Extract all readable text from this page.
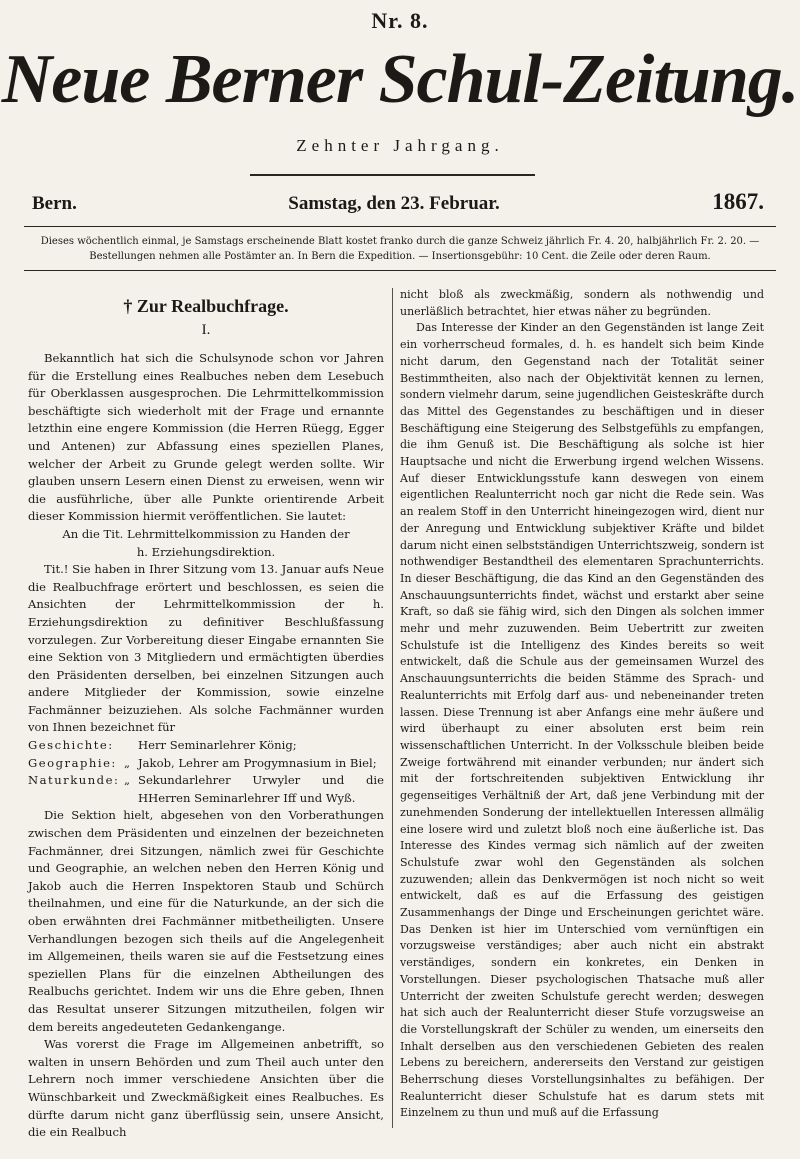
Nr. 8.
Neue Berner Schul-Zeitung.
Zehnter Jahrgang.
Bern.	Samstag, den 23. Februar.	1867.
Dieses wöchentlich einmal, je Samstags erscheinende Blatt kostet franko durch die ganze Schweiz jährlich Fr. 4. 20, halbjährlich Fr. 2. 20. —
Bestellungen nehmen alle Postämter an. In Bern die Expedition. — Insertionsgebühr: 10 Cent. die Zeile oder deren Raum.
† Zur Realbuchfrage.
I.

Bekanntlich hat sich die Schulsynode schon vor Jahren für die Erstellung eines Realbuches neben dem Lesebuch für Oberklassen ausgesprochen. Die Lehrmittelkommission beschäftigte sich wiederholt mit der Frage und ernannte letzthin eine engere Kommission (die Herren Rüegg, Egger und Antenen) zur Abfassung eines speziellen Planes, welcher der Arbeit zu Grunde gelegt werden sollte. Wir glauben unsern Lesern einen Dienst zu erweisen, wenn wir die ausführliche, über alle Punkte orientirende Arbeit dieser Kommission hiermit veröffentlichen. Sie lautet:

An die Tit. Lehrmittelkommission zu Handen der

h. Erziehungsdirektion.

Tit.! Sie haben in Ihrer Sitzung vom 13. Januar aufs Neue die Realbuchfrage erörtert und beschlossen, es seien die Ansichten der Lehrmittelkommission der h. Erziehungsdirektion zu definitiver Beschlußfassung vorzulegen. Zur Vorbereitung dieser Eingabe ernannten Sie eine Sektion von 3 Mitgliedern und ermächtigten überdies den Präsidenten derselben, bei einzelnen Sitzungen auch andere Mitglieder der Kommission, sowie einzelne Fachmänner beizuziehen. Als solche Fachmänner wurden von Ihnen bezeichnet für

Geschichte:	Herr Seminarlehrer König;
Geographie: „ Jakob, Lehrer am Progymnasium in Biel;
Naturkunde: „ Sekundarlehrer Urwyler und die HHerren Seminarlehrer Iff und Wyß.

Die Sektion hielt, abgesehen von den Vorberathungen zwischen dem Präsidenten und einzelnen der bezeichneten Fachmänner, drei Sitzungen, nämlich zwei für Geschichte und Geographie, an welchen neben den Herren König und Jakob auch die Herren Inspektoren Staub und Schürch theilnahmen, und eine für die Naturkunde, an der sich die oben erwähnten drei Fachmänner mitbetheiligten. Unsere Verhandlungen bezogen sich theils auf die Angelegenheit im Allgemeinen, theils waren sie auf die Festsetzung eines speziellen Plans für die einzelnen Abtheilungen des Realbuchs gerichtet. Indem wir uns die Ehre geben, Ihnen das Resultat unserer Sitzungen mitzutheilen, folgen wir dem bereits angedeuteten Gedankengange.

Was vorerst die Frage im Allgemeinen anbetrifft, so walten in unsern Behörden und zum Theil auch unter den Lehrern noch immer verschiedene Ansichten über die Wünschbarkeit und Zweckmäßigkeit eines Realbuches. Es dürfte darum nicht ganz überflüssig sein, unsere Ansicht, die ein Realbuch

nicht bloß als zweckmäßig, sondern als nothwendig und unerläßlich betrachtet, hier etwas näher zu begründen.

Das Interesse der Kinder an den Gegenständen ist lange Zeit ein vorherrscheud formales, d. h. es handelt sich beim Kinde nicht darum, den Gegenstand nach der Totalität seiner Bestimmtheiten, also nach der Objektivität kennen zu lernen, sondern vielmehr darum, seine jugendlichen Geisteskräfte durch das Mittel des Gegenstandes zu beschäftigen und in dieser Beschäftigung eine Steigerung des Selbstgefühls zu empfangen, die ihm Genuß ist. Die Beschäftigung als solche ist hier Hauptsache und nicht die Erwerbung irgend welchen Wissens. Auf dieser Entwicklungsstufe kann deswegen von einem eigentlichen Realunterricht noch gar nicht die Rede sein. Was an realem Stoff in den Unterricht hineingezogen wird, dient nur der Anregung und Entwicklung subjektiver Kräfte und bildet darum nicht einen selbstständigen Unterrichtszweig, sondern ist nothwendiger Bestandtheil des elementaren Sprachunterrichts. In dieser Beschäftigung, die das Kind an den Gegenständen des Anschauungsunterrichts findet, wächst und erstarkt aber seine Kraft, so daß sie fähig wird, sich den Dingen als solchen immer mehr und mehr zuzuwenden. Beim Uebertritt zur zweiten Schulstufe ist die Intelligenz des Kindes bereits so weit entwickelt, daß die Schule aus der gemeinsamen Wurzel des Anschauungsunterrichts die beiden Stämme des Sprach- und Realunterrichts mit Erfolg darf aus- und nebeneinander treten lassen. Diese Trennung ist aber Anfangs eine mehr äußere und wird überhaupt zu einer absoluten erst beim rein wissenschaftlichen Unterricht. In der Volksschule bleiben beide Zweige fortwährend mit einander verbunden; nur ändert sich mit der fortschreitenden subjektiven Entwicklung ihr gegenseitiges Verhältniß der Art, daß jene Verbindung mit der zunehmenden Sonderung der intellektuellen Interessen allmälig eine losere wird und zuletzt bloß noch eine äußerliche ist. Das Interesse des Kindes vermag sich nämlich auf der zweiten Schulstufe zwar wohl den Gegenständen als solchen zuzuwenden; allein das Denkvermögen ist noch nicht so weit entwickelt, daß es auf die Erfassung des geistigen Zusammenhangs der Dinge und Erscheinungen gerichtet wäre. Das Denken ist hier im Unterschied vom vernünftigen ein vorzugsweise verständiges; aber auch nicht ein abstrakt verständiges, sondern ein konkretes, ein Denken in Vorstellungen. Dieser psychologischen Thatsache muß aller Unterricht der zweiten Schulstufe gerecht werden; deswegen hat sich auch der Realunterricht dieser Stufe vorzugsweise an die Vorstellungskraft der Schüler zu wenden, um einerseits den Inhalt derselben aus den verschiedenen Gebieten des realen Lebens zu bereichern, andererseits den Verstand zur geistigen Beherrschung dieses Vorstellungsinhaltes zu befähigen. Der Realunterricht dieser Schulstufe hat es darum stets mit Einzelnem zu thun und muß auf die Erfassung
